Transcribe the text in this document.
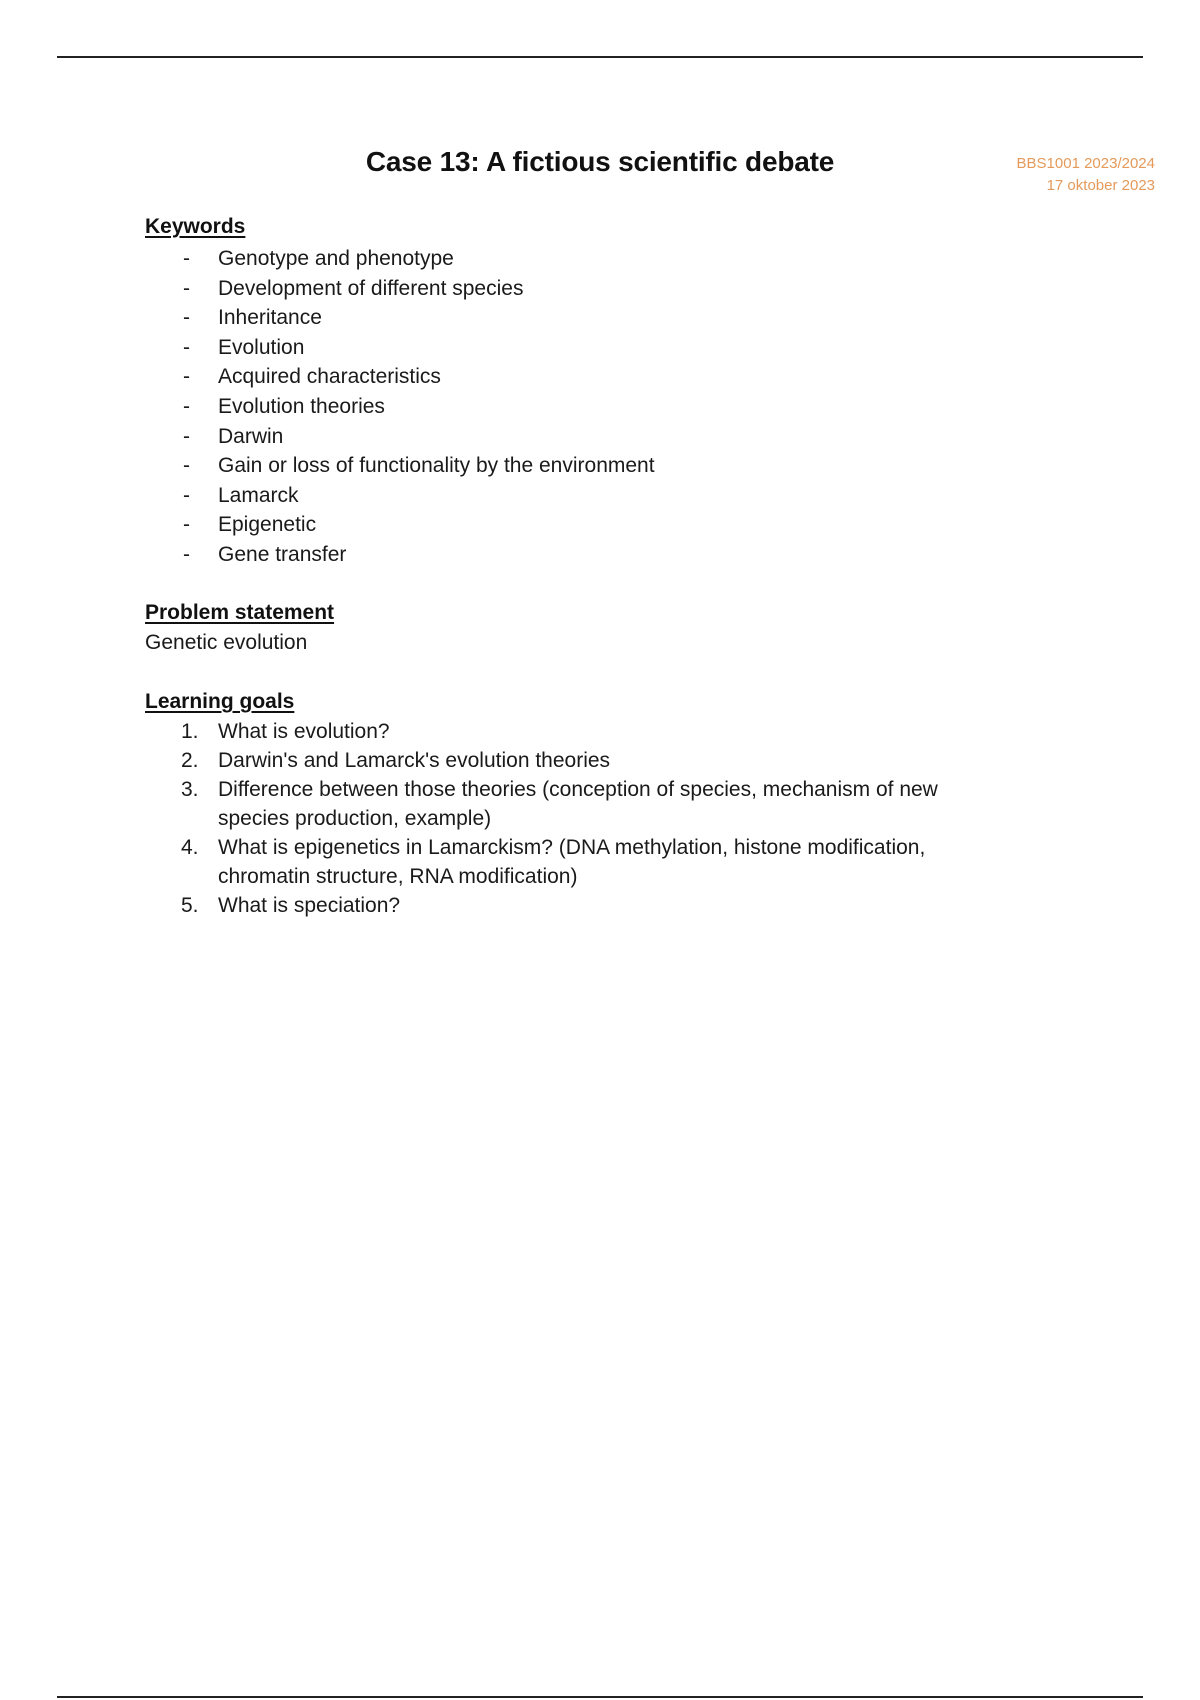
Case 13: A fictious scientific debate	BBS1001 2023/2024
17 oktober 2023
Keywords
- Genotype and phenotype
- Development of different species
- Inheritance
- Evolution
- Acquired characteristics
- Evolution theories
- Darwin
- Gain or loss of functionality by the environment
- Lamarck
- Epigenetic
- Gene transfer
Problem statement
Genetic evolution
Learning goals
1. What is evolution?
2. Darwin's and Lamarck's evolution theories
3. Difference between those theories (conception of species, mechanism of new species production, example)
4. What is epigenetics in Lamarckism? (DNA methylation, histone modification, chromatin structure, RNA modification)
5. What is speciation?
